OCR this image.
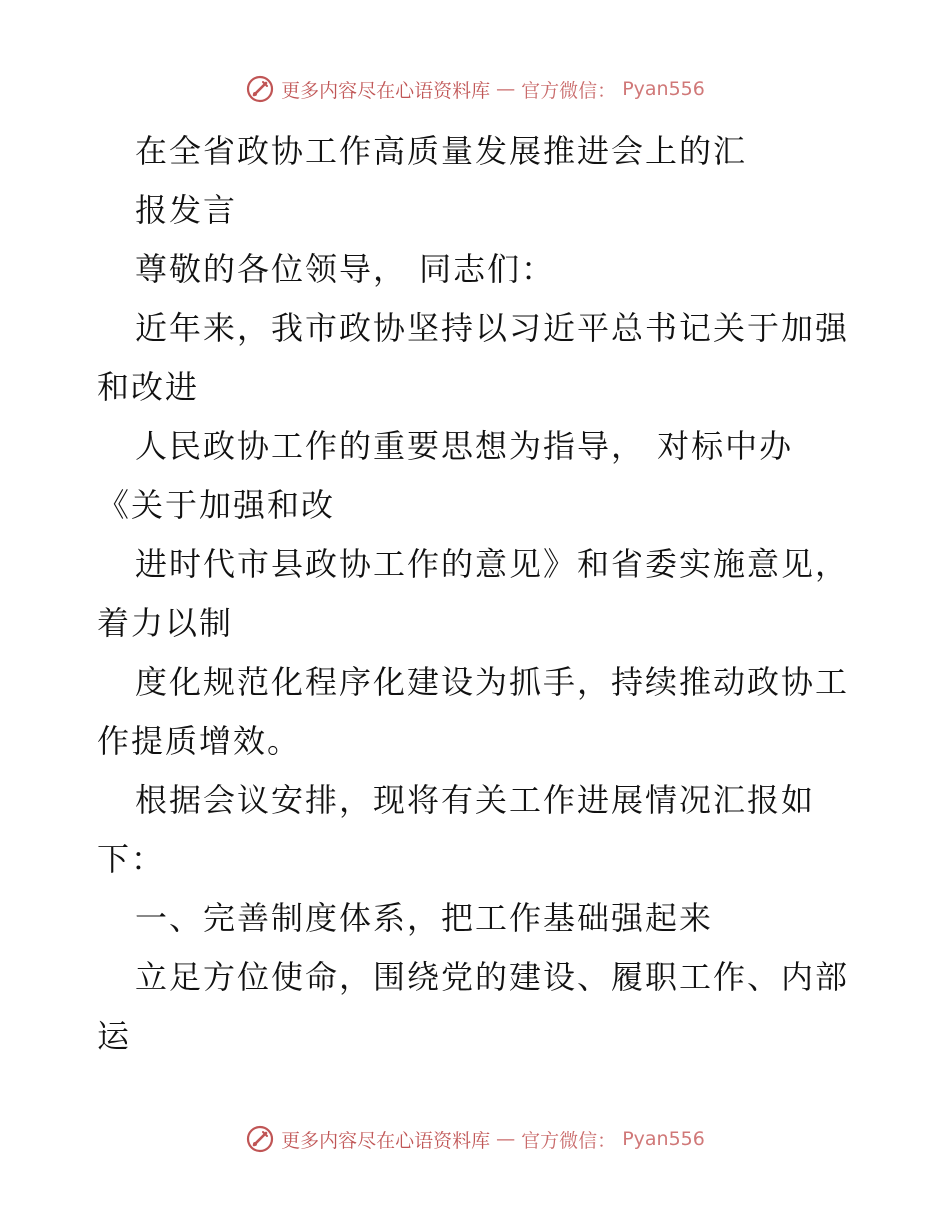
更多内容尽在心语资料库 — 官方微信： Pyan556
在全省政协工作高质量发展推进会上的汇
报发言
尊敬的各位领导， 同志们：
近年来，我市政协坚持以习近平总书记关于加强
和改进
人民政协工作的重要思想为指导， 对标中办
《关于加强和改
进时代市县政协工作的意见》和省委实施意见，
着力以制
度化规范化程序化建设为抓手，持续推动政协工
作提质增效。
根据会议安排，现将有关工作进展情况汇报如
下：
一、完善制度体系，把工作基础强起来
立足方位使命，围绕党的建设、履职工作、内部
运
更多内容尽在心语资料库 — 官方微信： Pyan556
